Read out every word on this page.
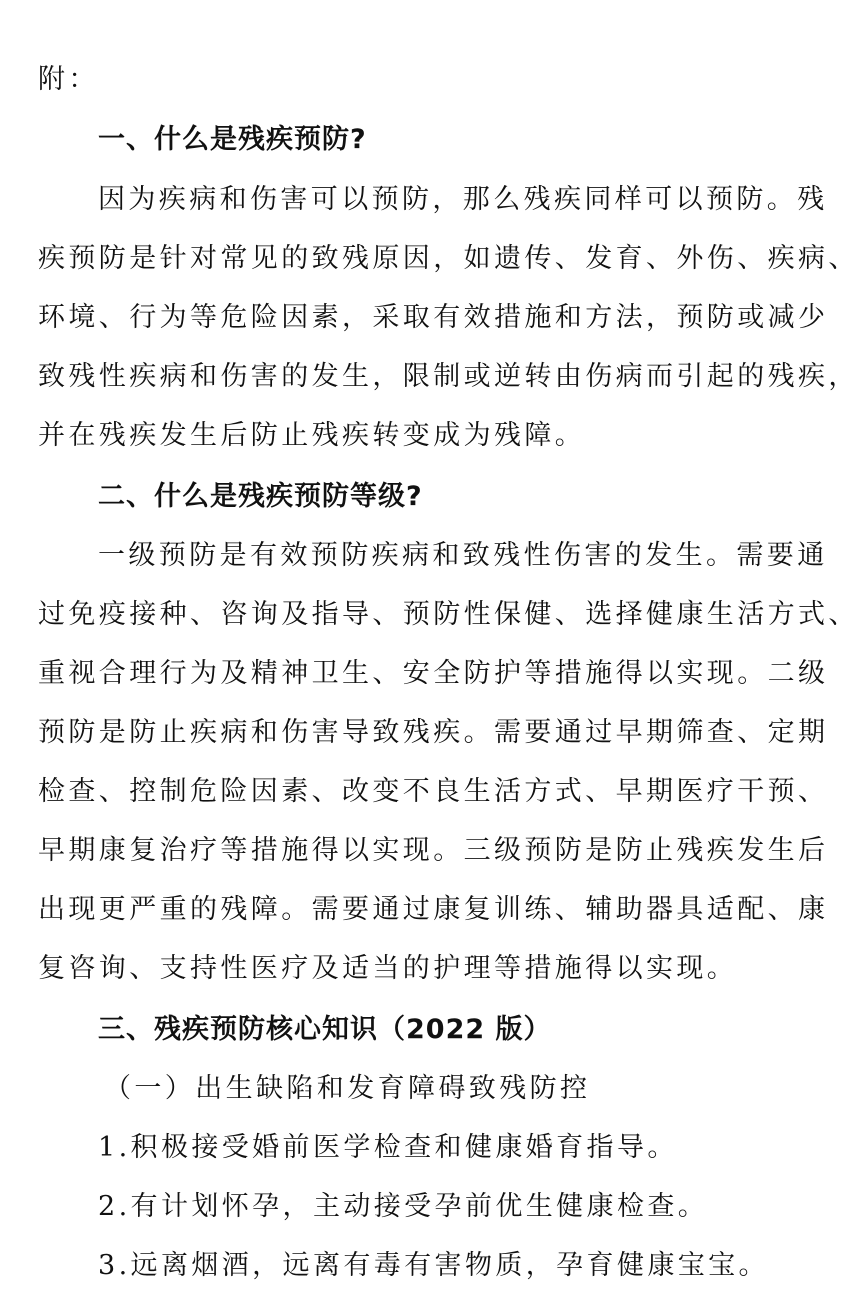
附：
一、什么是残疾预防?
因为疾病和伤害可以预防，那么残疾同样可以预防。残
疾预防是针对常见的致残原因，如遗传、发育、外伤、疾病、
环境、行为等危险因素，采取有效措施和方法，预防或减少
致残性疾病和伤害的发生，限制或逆转由伤病而引起的残疾，
并在残疾发生后防止残疾转变成为残障。
二、什么是残疾预防等级?
一级预防是有效预防疾病和致残性伤害的发生。需要通
过免疫接种、咨询及指导、预防性保健、选择健康生活方式、
重视合理行为及精神卫生、安全防护等措施得以实现。二级
预防是防止疾病和伤害导致残疾。需要通过早期筛查、定期
检查、控制危险因素、改变不良生活方式、早期医疗干预、
早期康复治疗等措施得以实现。三级预防是防止残疾发生后
出现更严重的残障。需要通过康复训练、辅助器具适配、康
复咨询、支持性医疗及适当的护理等措施得以实现。
三、残疾预防核心知识（2022 版）
（一）出生缺陷和发育障碍致残防控
1.积极接受婚前医学检查和健康婚育指导。
2.有计划怀孕，主动接受孕前优生健康检查。
3.远离烟酒，远离有毒有害物质，孕育健康宝宝。
